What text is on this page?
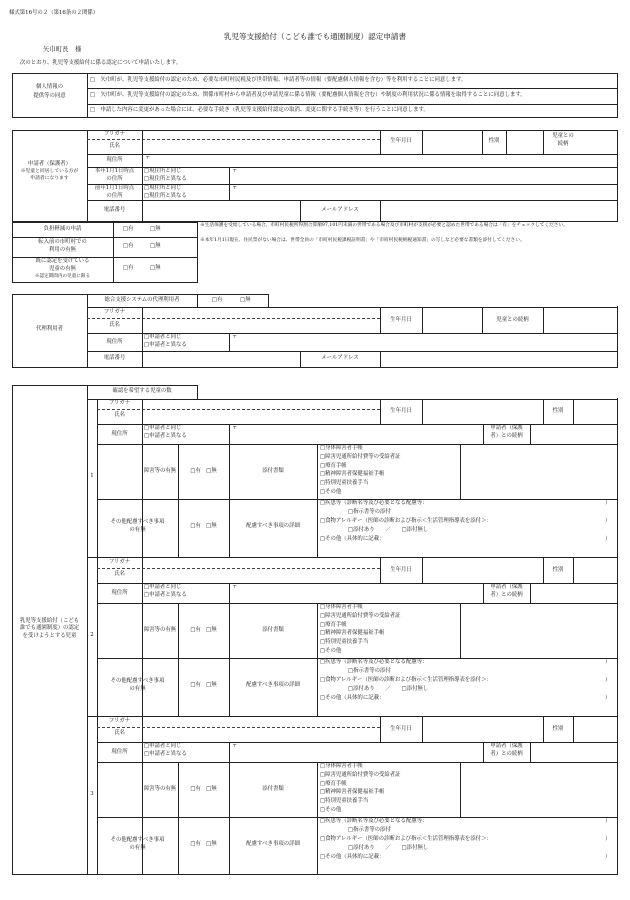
様式第16号の２（第16条の２関係）
乳児等支援給付（こども誰でも通園制度）認定申請書
矢巾町長　様
次のとおり、乳児等支援給付に係る認定について申請いたします。
個人情報の
提供等の同意
□　矢巾町が、乳児等支援給付の認定のため、必要な市町村民税及び世帯情報、申請者等の情報（要配慮個人情報を含む）等を利用することに同意します。
□　矢巾町が、乳児等支援給付の認定のため、関係市町村から申請者及び申請児童に係る情報（要配慮個人情報を含む）や制度の利用状況に係る情報を取得することに同意します。
□　申請した内容に変更があった場合には、必要な手続き（乳児等支援給付認定の取消、変更に関する手続き等）を行うことに同意します。
申請者（保護者）
※児童と同居している方が
申請者になります
フリガナ
氏名
生年月日	性別
児童との
続柄
現住所	〒
本年1月1日時点
の住所
□現住所と同じ
□現住所と異なる
〒
前年1月1日時点
の住所
□現住所と同じ
□現住所と異なる
〒
電話番号	メールアドレス
負担軽減の申請	□有	□無
転入前の市町村での
利用の有無
□有	□無
既に認定を受けている
児童の有無
※認定期間内の児童に限る
□有	□無
※生活保護を受給している場合、市町村民税所得割合算額97,101円未満の世帯である場合及び市町村が支援が必要と認めた世帯である場合は「有」をチェックしてください。
※本年1月1日現在、住民票がない場合は、世帯全員の「市町村民税課税証明書」や「市町村民税納税通知書」の写しなど必要な書類を添付してください。
代理利用者
総合支援システムの代理利用者	□有	□無
フリガナ
氏名
生年月日	児童との続柄
現住所
□申請者と同じ
□申請者と異なる
〒
電話番号	メールアドレス
確認を希望する児童の数
乳児等支援給付（こども
誰でも通園制度）の認定
を受けようとする児童
1
フリガナ
氏名
生年月日	性別
現住所
□申請者と同じ
□申請者と異なる
〒	申請者（保護
者）との続柄
障害等の有無	□有　□無	添付書類
□身体障害者手帳
□障害児通所給付費等の受給者証
□療育手帳
□精神障害者保健福祉手帳
□特別児童扶養手当
□その他
その他配慮すべき事項
の有無
□有　□無	配慮すべき事項の詳細
□疾患等（診断名等及び必要となる配慮等：	）
□指示書等の添付
□食物アレルギー（医師の診断および指示＜生活管理指導表を添付＞：	）
□添付あり　　／　　□添付無し
□その他（具体的に記載：	）
2
フリガナ
氏名
生年月日	性別
現住所
□申請者と同じ
□申請者と異なる
〒	申請者（保護
者）との続柄
障害等の有無	□有　□無	添付書類
□身体障害者手帳
□障害児通所給付費等の受給者証
□療育手帳
□精神障害者保健福祉手帳
□特別児童扶養手当
□その他
その他配慮すべき事項
の有無
□有　□無	配慮すべき事項の詳細
□疾患等（診断名等及び必要となる配慮等：	）
□指示書等の添付
□食物アレルギー（医師の診断および指示＜生活管理指導表を添付＞：	）
□添付あり　　／　　□添付無し
□その他（具体的に記載：	）
3
フリガナ
氏名
生年月日	性別
現住所
□申請者と同じ
□申請者と異なる
〒	申請者（保護
者）との続柄
障害等の有無	□有　□無	添付書類
□身体障害者手帳
□障害児通所給付費等の受給者証
□療育手帳
□精神障害者保健福祉手帳
□特別児童扶養手当
□その他
その他配慮すべき事項
の有無
□有　□無	配慮すべき事項の詳細
□疾患等（診断名等及び必要となる配慮等：	）
□指示書等の添付
□食物アレルギー（医師の診断および指示＜生活管理指導表を添付＞：	）
□添付あり　　／　　□添付無し
□その他（具体的に記載：	）
